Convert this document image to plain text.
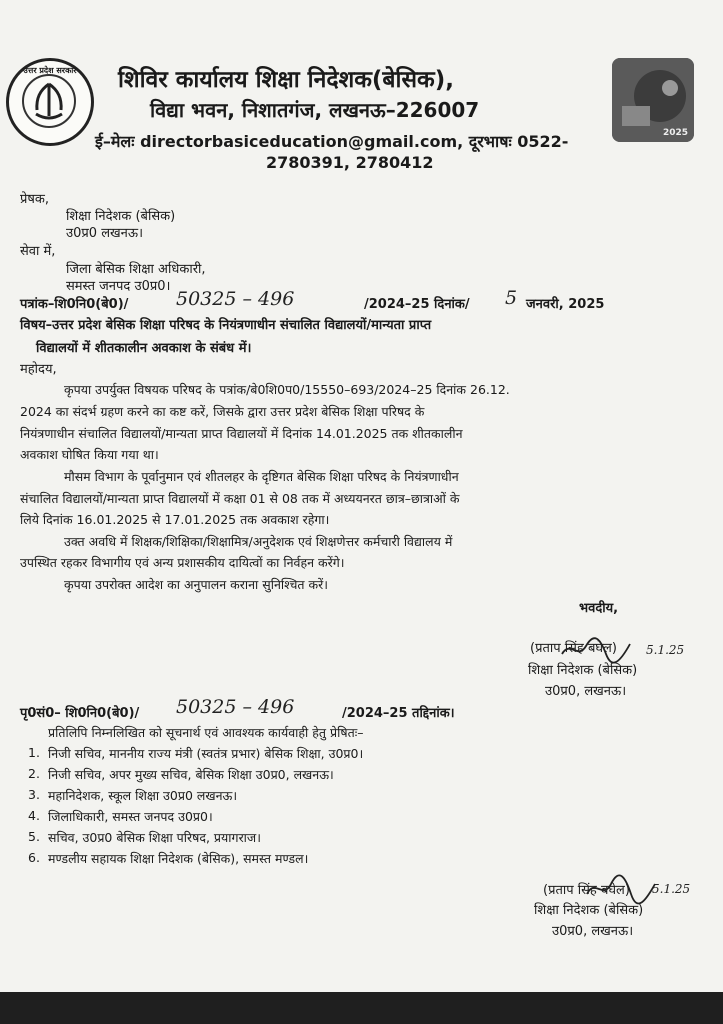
उत्तर प्रदेश सरकार
2025
शिविर कार्यालय शिक्षा निदेशक(बेसिक),
विद्या भवन, निशातगंज, लखनऊ–226007
ई–मेलः directorbasiceducation@gmail.com, दूरभाषः 0522-
2780391, 2780412
प्रेषक,
शिक्षा निदेशक (बेसिक)
उ0प्र0 लखनऊ।
सेवा में,
जिला बेसिक शिक्षा अधिकारी,
समस्त जनपद उ0प्र0।
पत्रांक–शि0नि0(बे0)/	50325 – 496	/2024–25 दिनांक/ 5 जनवरी, 2025
विषय–उत्तर प्रदेश बेसिक शिक्षा परिषद के नियंत्रणाधीन संचालित विद्यालयों/मान्यता प्राप्त
विद्यालयों में शीतकालीन अवकाश के संबंध में।
महोदय,
कृपया उपर्युक्त विषयक परिषद के पत्रांक/बे0शि0प0/15550–693/2024–25 दिनांक 26.12.
2024 का संदर्भ ग्रहण करने का कष्ट करें, जिसके द्वारा उत्तर प्रदेश बेसिक शिक्षा परिषद के
नियंत्रणाधीन संचालित विद्यालयों/मान्यता प्राप्त विद्यालयों में दिनांक 14.01.2025 तक शीतकालीन
अवकाश घोषित किया गया था।
मौसम विभाग के पूर्वानुमान एवं शीतलहर के दृष्टिगत बेसिक शिक्षा परिषद के नियंत्रणाधीन
संचालित विद्यालयों/मान्यता प्राप्त विद्यालयों में कक्षा 01 से 08 तक में अध्ययनरत छात्र–छात्राओं के
लिये दिनांक 16.01.2025 से 17.01.2025 तक अवकाश रहेगा।
उक्त अवधि में शिक्षक/शिक्षिका/शिक्षामित्र/अनुदेशक एवं शिक्षणेत्तर कर्मचारी विद्यालय में
उपस्थित रहकर विभागीय एवं अन्य प्रशासकीय दायित्वों का निर्वहन करेंगे।
कृपया उपरोक्त आदेश का अनुपालन कराना सुनिश्चित करें।
भवदीय,
(प्रताप सिंह बघेल) 5.1.25
शिक्षा निदेशक (बेसिक)
उ0प्र0, लखनऊ।
पृ0सं0– शि0नि0(बे0)/ 50325 – 496	/2024–25 तद्दिनांक।
प्रतिलिपि निम्नलिखित को सूचनार्थ एवं आवश्यक कार्यवाही हेतु प्रेषितः–
1. निजी सचिव, माननीय राज्य मंत्री (स्वतंत्र प्रभार) बेसिक शिक्षा, उ0प्र0।
2. निजी सचिव, अपर मुख्य सचिव, बेसिक शिक्षा उ0प्र0, लखनऊ।
3. महानिदेशक, स्कूल शिक्षा उ0प्र0 लखनऊ।
4. जिलाधिकारी, समस्त जनपद उ0प्र0।
5. सचिव, उ0प्र0 बेसिक शिक्षा परिषद, प्रयागराज।
6. मण्डलीय सहायक शिक्षा निदेशक (बेसिक), समस्त मण्डल।
(प्रताप सिंह बघेल) 5.1.25
शिक्षा निदेशक (बेसिक)
उ0प्र0, लखनऊ।
